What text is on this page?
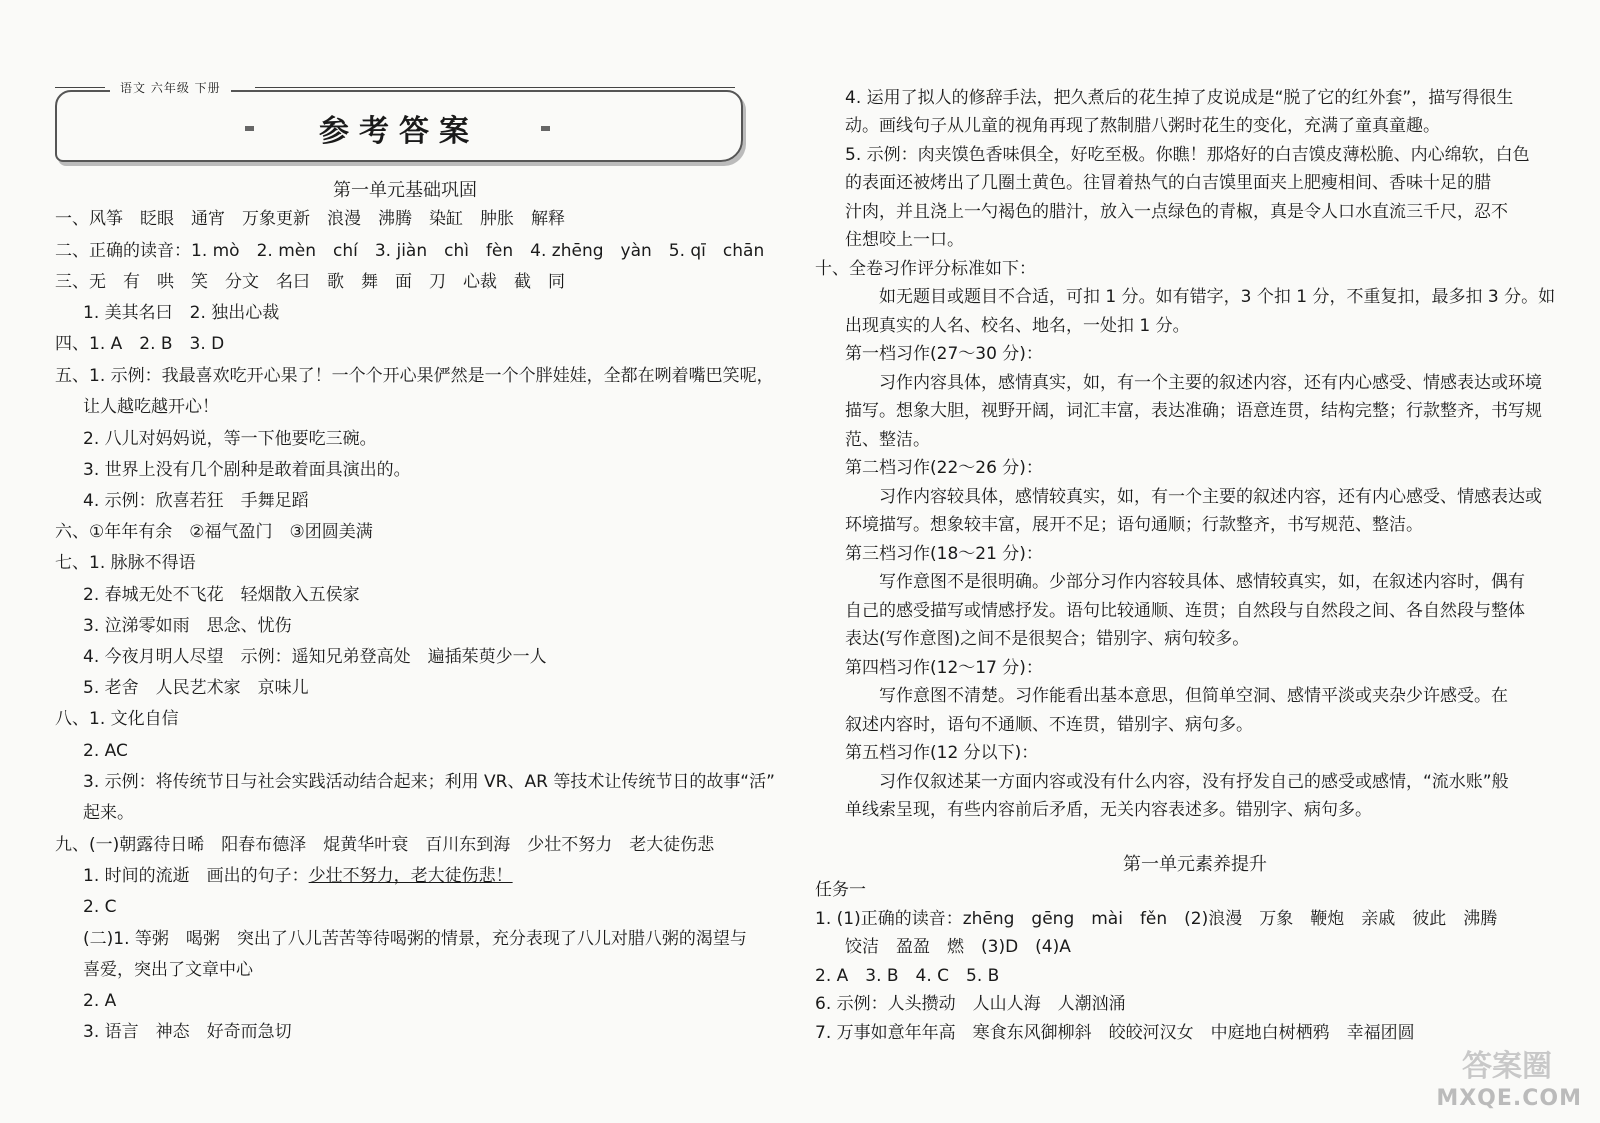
参考答案
语文 六年级 下册
第一单元基础巩固
一、风筝　眨眼　通宵　万象更新　浪漫　沸腾　染缸　肿胀　解释
二、正确的读音：1. mò　2. mèn　chí　3. jiàn　chì　fèn　4. zhēng　yàn　5. qī　chān
三、无　有　哄　笑　分文　名曰　歌　舞　面　刀　心裁　截　同
1. 美其名曰　2. 独出心裁
四、1. A　2. B　3. D
五、1. 示例：我最喜欢吃开心果了！一个个开心果俨然是一个个胖娃娃，全都在咧着嘴巴笑呢，
让人越吃越开心！
2. 八儿对妈妈说，等一下他要吃三碗。
3. 世界上没有几个剧种是敢着面具演出的。
4. 示例：欣喜若狂　手舞足蹈
六、①年年有余　②福气盈门　③团圆美满
七、1. 脉脉不得语
2. 春城无处不飞花　轻烟散入五侯家
3. 泣涕零如雨　思念、忧伤
4. 今夜月明人尽望　示例：遥知兄弟登高处　遍插茱萸少一人
5. 老舍　人民艺术家　京味儿
八、1. 文化自信
2. AC
3. 示例：将传统节日与社会实践活动结合起来；利用 VR、AR 等技术让传统节日的故事“活”
起来。
九、(一)朝露待日晞　阳春布德泽　焜黄华叶衰　百川东到海　少壮不努力　老大徒伤悲
1. 时间的流逝　画出的句子：少壮不努力，老大徒伤悲！
2. C
(二)1. 等粥　喝粥　突出了八儿苦苦等待喝粥的情景，充分表现了八儿对腊八粥的渴望与
喜爱，突出了文章中心
2. A
3. 语言　神态　好奇而急切
4. 运用了拟人的修辞手法，把久煮后的花生掉了皮说成是“脱了它的红外套”，描写得很生
动。画线句子从儿童的视角再现了熬制腊八粥时花生的变化，充满了童真童趣。
5. 示例：肉夹馍色香味俱全，好吃至极。你瞧！那烙好的白吉馍皮薄松脆、内心绵软，白色
的表面还被烤出了几圈土黄色。往冒着热气的白吉馍里面夹上肥瘦相间、香味十足的腊
汁肉，并且浇上一勺褐色的腊汁，放入一点绿色的青椒，真是令人口水直流三千尺，忍不
住想咬上一口。
十、全卷习作评分标准如下：
如无题目或题目不合适，可扣 1 分。如有错字，3 个扣 1 分，不重复扣，最多扣 3 分。如
出现真实的人名、校名、地名，一处扣 1 分。
第一档习作(27～30 分)：
习作内容具体，感情真实，如，有一个主要的叙述内容，还有内心感受、情感表达或环境
描写。想象大胆，视野开阔，词汇丰富，表达准确；语意连贯，结构完整；行款整齐，书写规
范、整洁。
第二档习作(22～26 分)：
习作内容较具体，感情较真实，如，有一个主要的叙述内容，还有内心感受、情感表达或
环境描写。想象较丰富，展开不足；语句通顺；行款整齐，书写规范、整洁。
第三档习作(18～21 分)：
写作意图不是很明确。少部分习作内容较具体、感情较真实，如，在叙述内容时，偶有
自己的感受描写或情感抒发。语句比较通顺、连贯；自然段与自然段之间、各自然段与整体
表达(写作意图)之间不是很契合；错别字、病句较多。
第四档习作(12～17 分)：
写作意图不清楚。习作能看出基本意思，但简单空洞、感情平淡或夹杂少许感受。在
叙述内容时，语句不通顺、不连贯，错别字、病句多。
第五档习作(12 分以下)：
习作仅叙述某一方面内容或没有什么内容，没有抒发自己的感受或感情，“流水账”般
单线索呈现，有些内容前后矛盾，无关内容表述多。错别字、病句多。
第一单元素养提升
任务一
1. (1)正确的读音：zhēng　gēng　mài　fěn　(2)浪漫　万象　鞭炮　亲戚　彼此　沸腾
饺洁　盈盈　燃　(3)D　(4)A
2. A　3. B　4. C　5. B
6. 示例：人头攒动　人山人海　人潮汹涌
7. 万事如意年年高　寒食东风御柳斜　皎皎河汉女　中庭地白树栖鸦　幸福团圆
答案圈
MXQE.COM
